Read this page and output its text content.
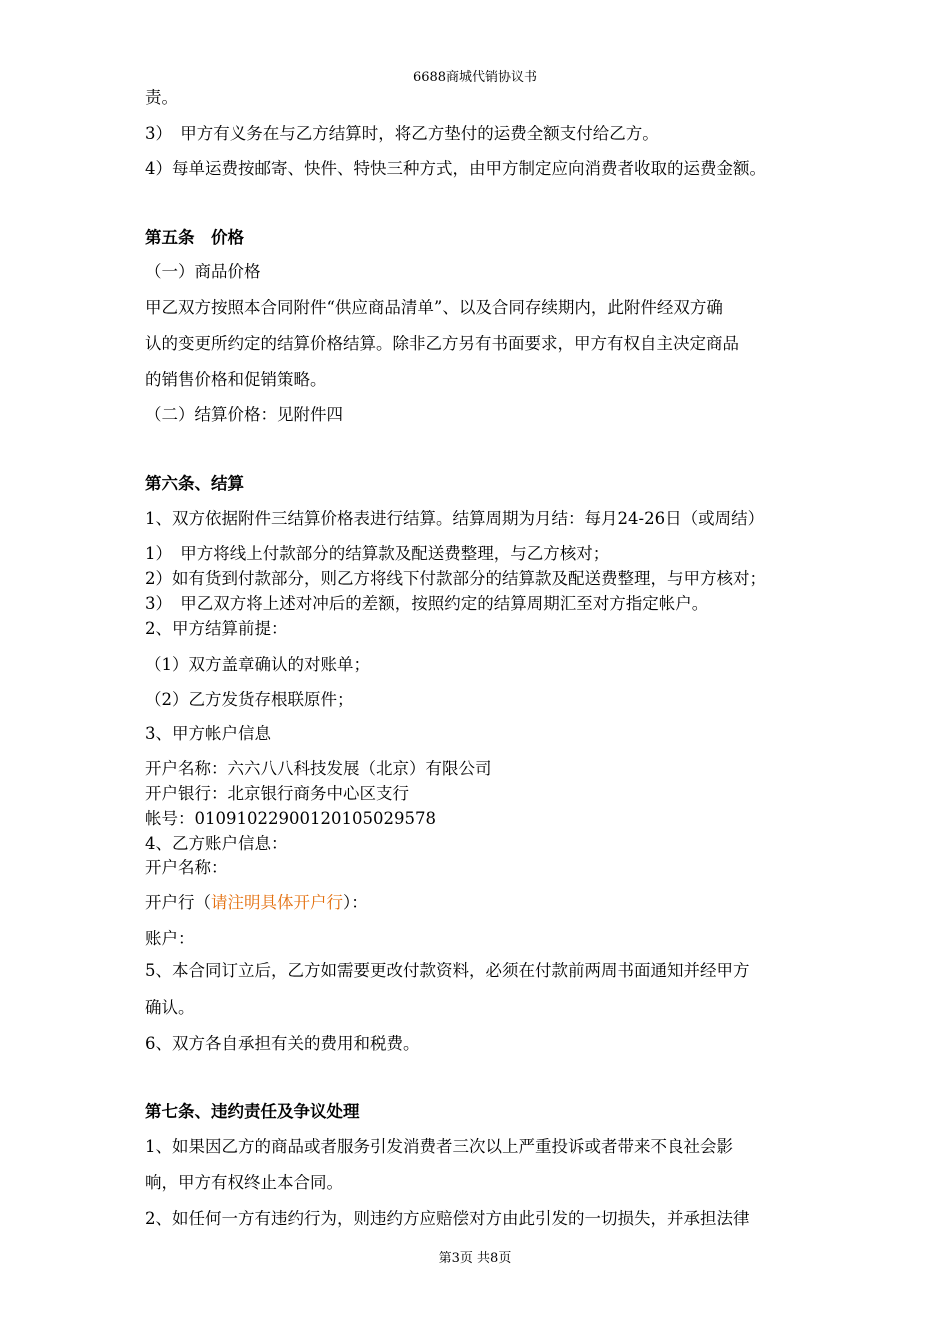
6688商城代销协议书
责。
3）　甲方有义务在与乙方结算时，将乙方垫付的运费全额支付给乙方。
4）每单运费按邮寄、快件、特快三种方式，由甲方制定应向消费者收取的运费金额。
第五条　价格
（一）商品价格
甲乙双方按照本合同附件“供应商品清单”、以及合同存续期内，此附件经双方确
认的变更所约定的结算价格结算。除非乙方另有书面要求，甲方有权自主决定商品
的销售价格和促销策略。
（二）结算价格：见附件四
第六条、结算
1、双方依据附件三结算价格表进行结算。结算周期为月结：每月24-26日（或周结）
1）　甲方将线上付款部分的结算款及配送费整理，与乙方核对；
2）如有货到付款部分，则乙方将线下付款部分的结算款及配送费整理，与甲方核对；
3）　甲乙双方将上述对冲后的差额，按照约定的结算周期汇至对方指定帐户。
2、甲方结算前提：
（1）双方盖章确认的对账单；
（2）乙方发货存根联原件；
3、甲方帐户信息
开户名称：六六八八科技发展（北京）有限公司
开户银行：北京银行商务中心区支行
帐号：01091022900120105029578
4、乙方账户信息：
开户名称：
开户行（请注明具体开户行）：
账户：
5、本合同订立后，乙方如需要更改付款资料，必须在付款前两周书面通知并经甲方
确认。
6、双方各自承担有关的费用和税费。
第七条、违约责任及争议处理
1、如果因乙方的商品或者服务引发消费者三次以上严重投诉或者带来不良社会影
响，甲方有权终止本合同。
2、如任何一方有违约行为，则违约方应赔偿对方由此引发的一切损失，并承担法律
第3页 共8页
